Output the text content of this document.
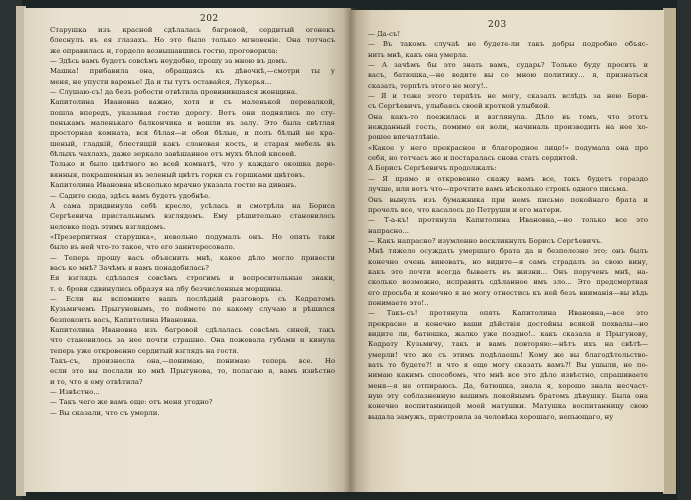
202
Старушка изъ красной сдѣлалась багровой, сердитый огонекъ
блеснулъ въ ея глазахъ. Но это было только мгновеніе. Она тотчасъ
же оправилась и, гордело возвышавшись гостю, проговорила:
— Здѣсь вамъ будетъ совсѣмъ неудобно, прошу за мною въ домъ.
Машка! прибавила она, обращаясь къ дѣвочкѣ,—смотри ты у
меня, не упусти варенье! Да и ты тутъ оставайся, Лукерья...
— Слушаю-съ! да безъ робости отвѣтила провинившаяся женщина.
Капитолина Ивановна важно, хотя и съ маленькой перевалкой,
пошла впередъ, указывая гостю дорогу. Вотъ они поднялись по сту-
пенькамъ маленькаго балкончика и вошли въ залу. Это была свѣтлая
просторная комната, вся бѣлая—и обои бѣлые, и полъ бѣлый не кра-
шеный, гладкій, блестящій какъ слоновая кость, и старая мебель въ
бѣлыхъ чахлахъ, даже зеркало завѣшанное отъ мухъ бѣлой кисеей.
Только и было цвѣтного во всей комнатѣ, что у каждаго окошка дере-
вянныя, покрашенныя въ зеленый цвѣтъ горки съ горшками цвѣтовъ.
Капитолина Ивановна нѣсколько мрачно указала гостю на диванъ.
— Садите сюда, здѣсь вамъ будетъ удобнѣе.
А сама придвинула себѣ кресло, усѣлась и смотрѣла на Бориса
Сергѣевича пристальнымъ взглядомъ. Ему рѣшительно становилось
неловко подъ этимъ взглядомъ.
«Презерпитная старушка», невольно подумалъ онъ. Но опять таки
было въ ней что-то такое, что его заинтересовало.
— Теперь прошу васъ объяснить мнѣ, какое дѣло могло привести
васъ ко мнѣ? Зачѣмъ я вамъ понадобилась?
Ея взглядъ сдѣлался совсѣмъ строгимъ и вопросительные знаки,
т. е. брови сдвинулись образуя на лбу безчисленныя морщины.
— Если вы вспомните вашъ послѣдній разговоръ съ Кедратомъ
Кузьмичемъ Прыгуновымъ, то поймете по какому случаю я рѣшился
безпокоить васъ, Капитолина Ивановна.
Капитолина Ивановна изъ багровой сдѣлалась совсѣмъ синей, такъ
что становилось за нее почти страшно. Она пожевала губами и кинула
теперь уже откровенно сердитый взглядъ на гостя.
Такъ-съ, произнесла она,—понимаю, понимаю теперь все. Но
если это вы послали ко мнѣ Прыгунова, то, полагаю я, вамъ извѣстно
и то, что я ему отвѣтила?
— Извѣстно...
— Такъ чего же вамъ еще: отъ меня угодно?
— Вы сказали, что съ умерли.
203
— Да-съ!
— Въ такомъ случаѣ не будете-ли такъ добры подробно объяс-
нить мнѣ, какъ она умерла.
— А зачѣмъ бы это знать вамъ, сударь? Только буду просить и
васъ, батюшка,—не ведите вы со мною политику... я, признаться
сказать, терпѣть этого не могу!..
— Я и тоже этого терпѣть не могу, сказалъ вслѣдъ за нею Бори-
съ Сергѣевичъ, улыбаясь своей кроткой улыбкой.
Она какъ-то поежилась и взглянула. Дѣло въ томъ, что этотъ
нежданный гость, помимо ея воли, начиналь производить на нее хо-
рошее впечатлѣніе.
«Какое у него прекрасное и благородное лицо!» подумала она про
себя, но тотчасъ же и постаралась снова стать сердитой.
А Борисъ Сергѣевичъ продолжалъ:
— Я прямо и откровенно скажу вамъ все, такъ будетъ гораздо
лучше, или вотъ что—прочтите вамъ нѣсколько строкъ одного письма.
Онъ вынулъ изъ бумажника при немъ письмо покойнаго брата и
прочелъ все, что касалось до Петруши и его матери.
— Т-а-къ! протянула Капитолина Ивановна,—но только все это
напрасно...
— Какъ напрасно? изумленно воскликнулъ Борисъ Сергѣевичъ.
Мнѣ тяжело осуждать умершаго брата да и безполезно это; онъ былъ
конечно очень виноватъ, но видите—я самъ страдалъ за свою вину,
какъ это почти всегда бываетъ въ жизни... Онъ порученъ мнѣ, на-
сколько возможно, исправить сдѣланное имъ зло... Это предсмертная
его просьба и конечно я не могу отнестись къ ней безъ вниманія—вы вѣдь
понимаете это!..
— Такъ-съ! протянула опять Капитолина Ивановна,—все это
прекрасно и конечно ваши дѣйствія достойны всякой похвалы—но
видите ли, батюшка, жалко уже поздно!.. какъ сказала я Прыгунову,
Кодрату Кузьмичу, такъ и вамъ повторяю:—нѣтъ ихъ на свѣтѣ—
умерли! что же съ этимъ подѣлаешь! Кому же вы благодѣтельство-
вать то будете?! и что я еще могу сказать вамъ?! Вы ушыли, не по-
нимаю какимъ способомъ, что мнѣ все это дѣло извѣстно, спрашиваете
меня—я не отпираюсь. Да, батюшка, знала я, хорошо знала несчаст-
ную эту соблазненную вашимъ покойнымъ братомъ дѣвушку. Была она
конечно воспитанницей моей матушки. Матушка воспитанницу свою
выдала замужъ, пристроила за человѣка хорошаго, непьющаго, ну
